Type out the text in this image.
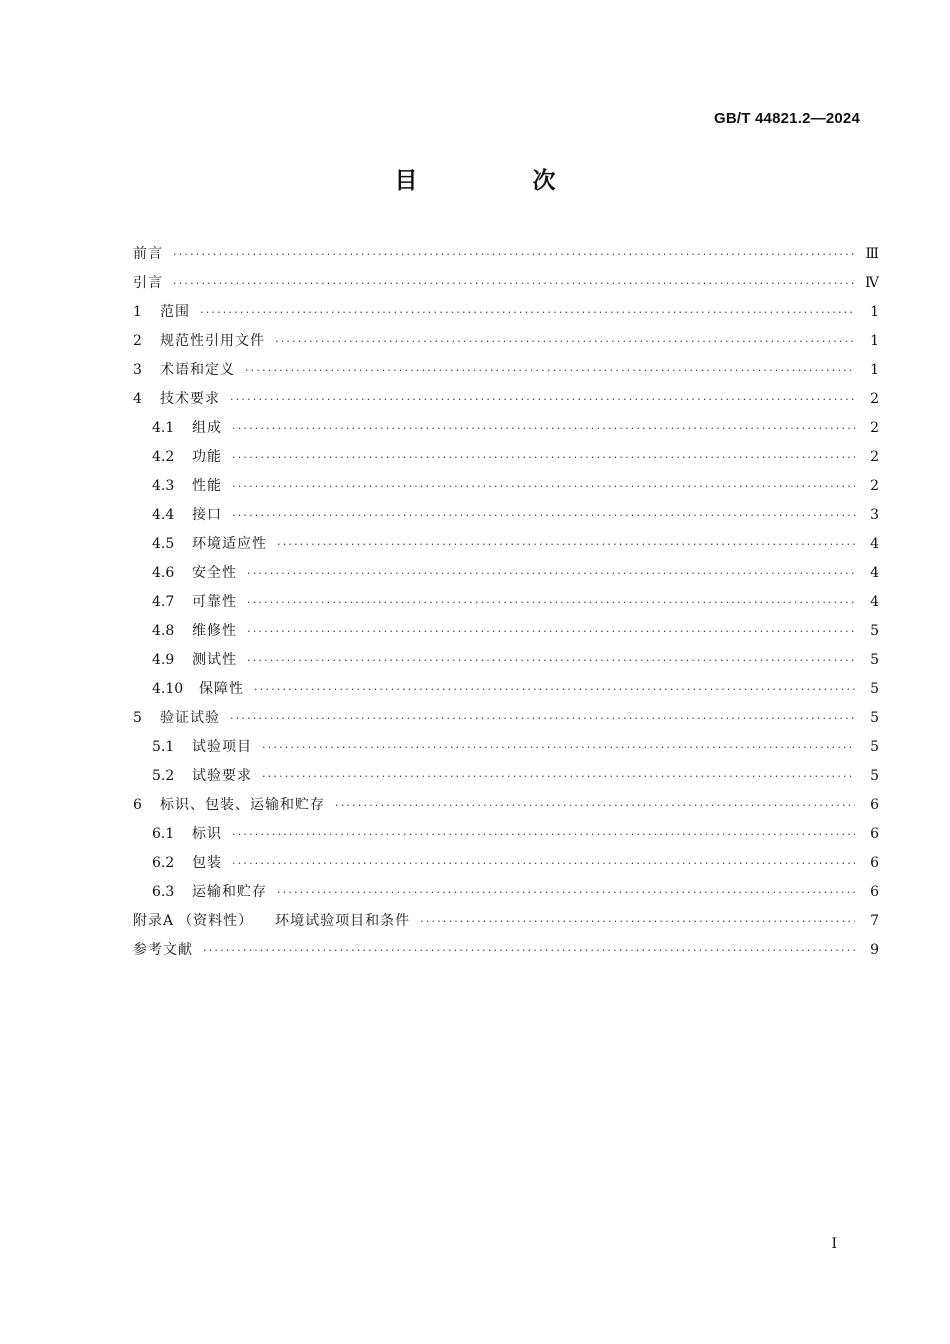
GB/T 44821.2—2024
目　次
前言 ·····	Ⅲ
引言 ·····	Ⅳ
1	范围 ·····	1
2	规范性引用文件 ·····	1
3	术语和定义 ·····	1
4	技术要求 ·····	2
4.1	组成 ·····	2
4.2	功能 ·····	2
4.3	性能 ·····	2
4.4	接口 ·····	3
4.5	环境适应性 ·····	4
4.6	安全性 ·····	4
4.7	可靠性 ·····	4
4.8	维修性 ·····	5
4.9	测试性 ·····	5
4.10	保障性 ·····	5
5	验证试验 ·····	5
5.1	试验项目 ·····	5
5.2	试验要求 ·····	5
6	标识、包装、运输和贮存 ·····	6
6.1	标识 ·····	6
6.2	包装 ·····	6
6.3	运输和贮存 ·····	6
附录A （资料性） 环境试验项目和条件 ·····	7
参考文献 ·····	9
Ⅰ
